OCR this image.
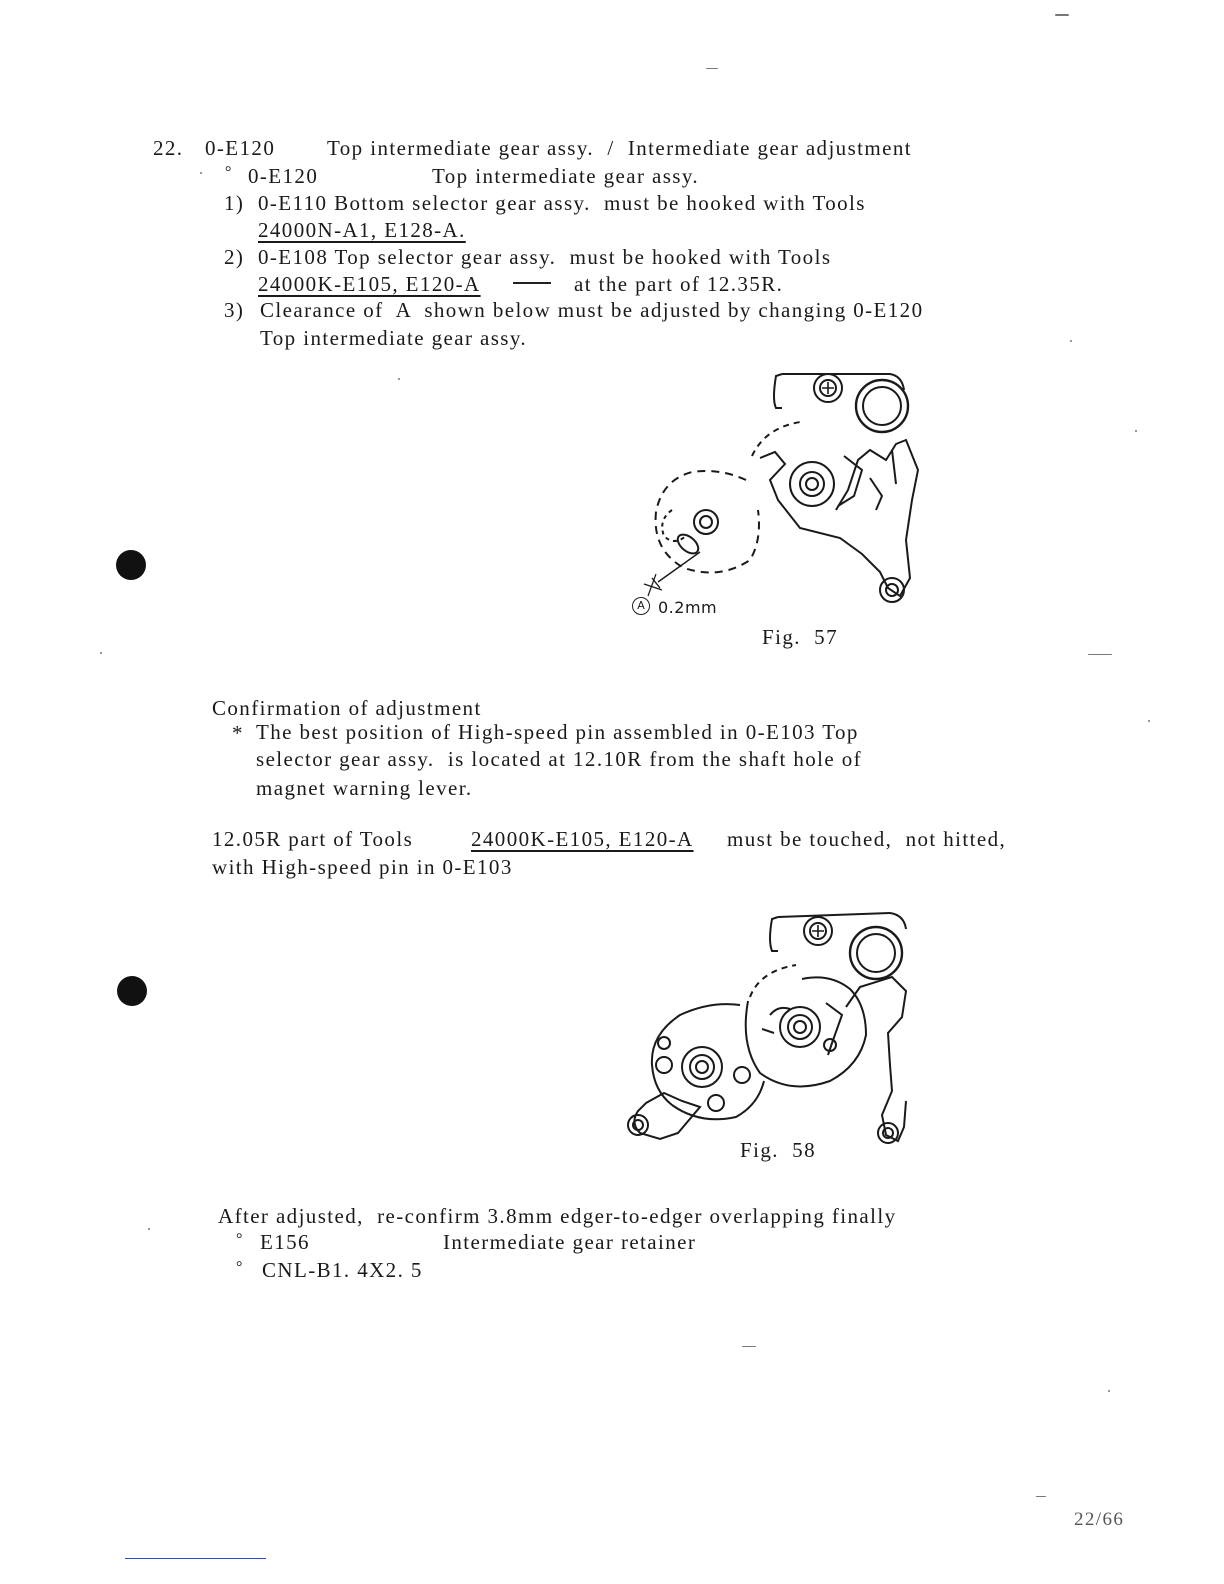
22. 0-E120 Top intermediate gear assy.  /  Intermediate gear adjustment
° 0-E120	Top intermediate gear assy.
1) 0-E110 Bottom selector gear assy.  must be hooked with Tools
24000N-A1, E128-A.
2) 0-E108 Top selector gear assy.  must be hooked with Tools
24000K-E105, E120-A	at the part of 12.35R.
3) Clearance of  A  shown below must be adjusted by changing 0-E120
Top intermediate gear assy.
A 0.2mm
Fig.  57
Confirmation of adjustment
* The best position of High-speed pin assembled in 0-E103 Top
selector gear assy.  is located at 12.10R from the shaft hole of
magnet warning lever.
12.05R part of Tools	24000K-E105, E120-A must be touched,  not hitted,
with High-speed pin in 0-E103
Fig.  58
After adjusted,  re-confirm 3.8mm edger-to-edger overlapping finally
° E156	Intermediate gear retainer
° CNL-B1. 4X2. 5
22/66
